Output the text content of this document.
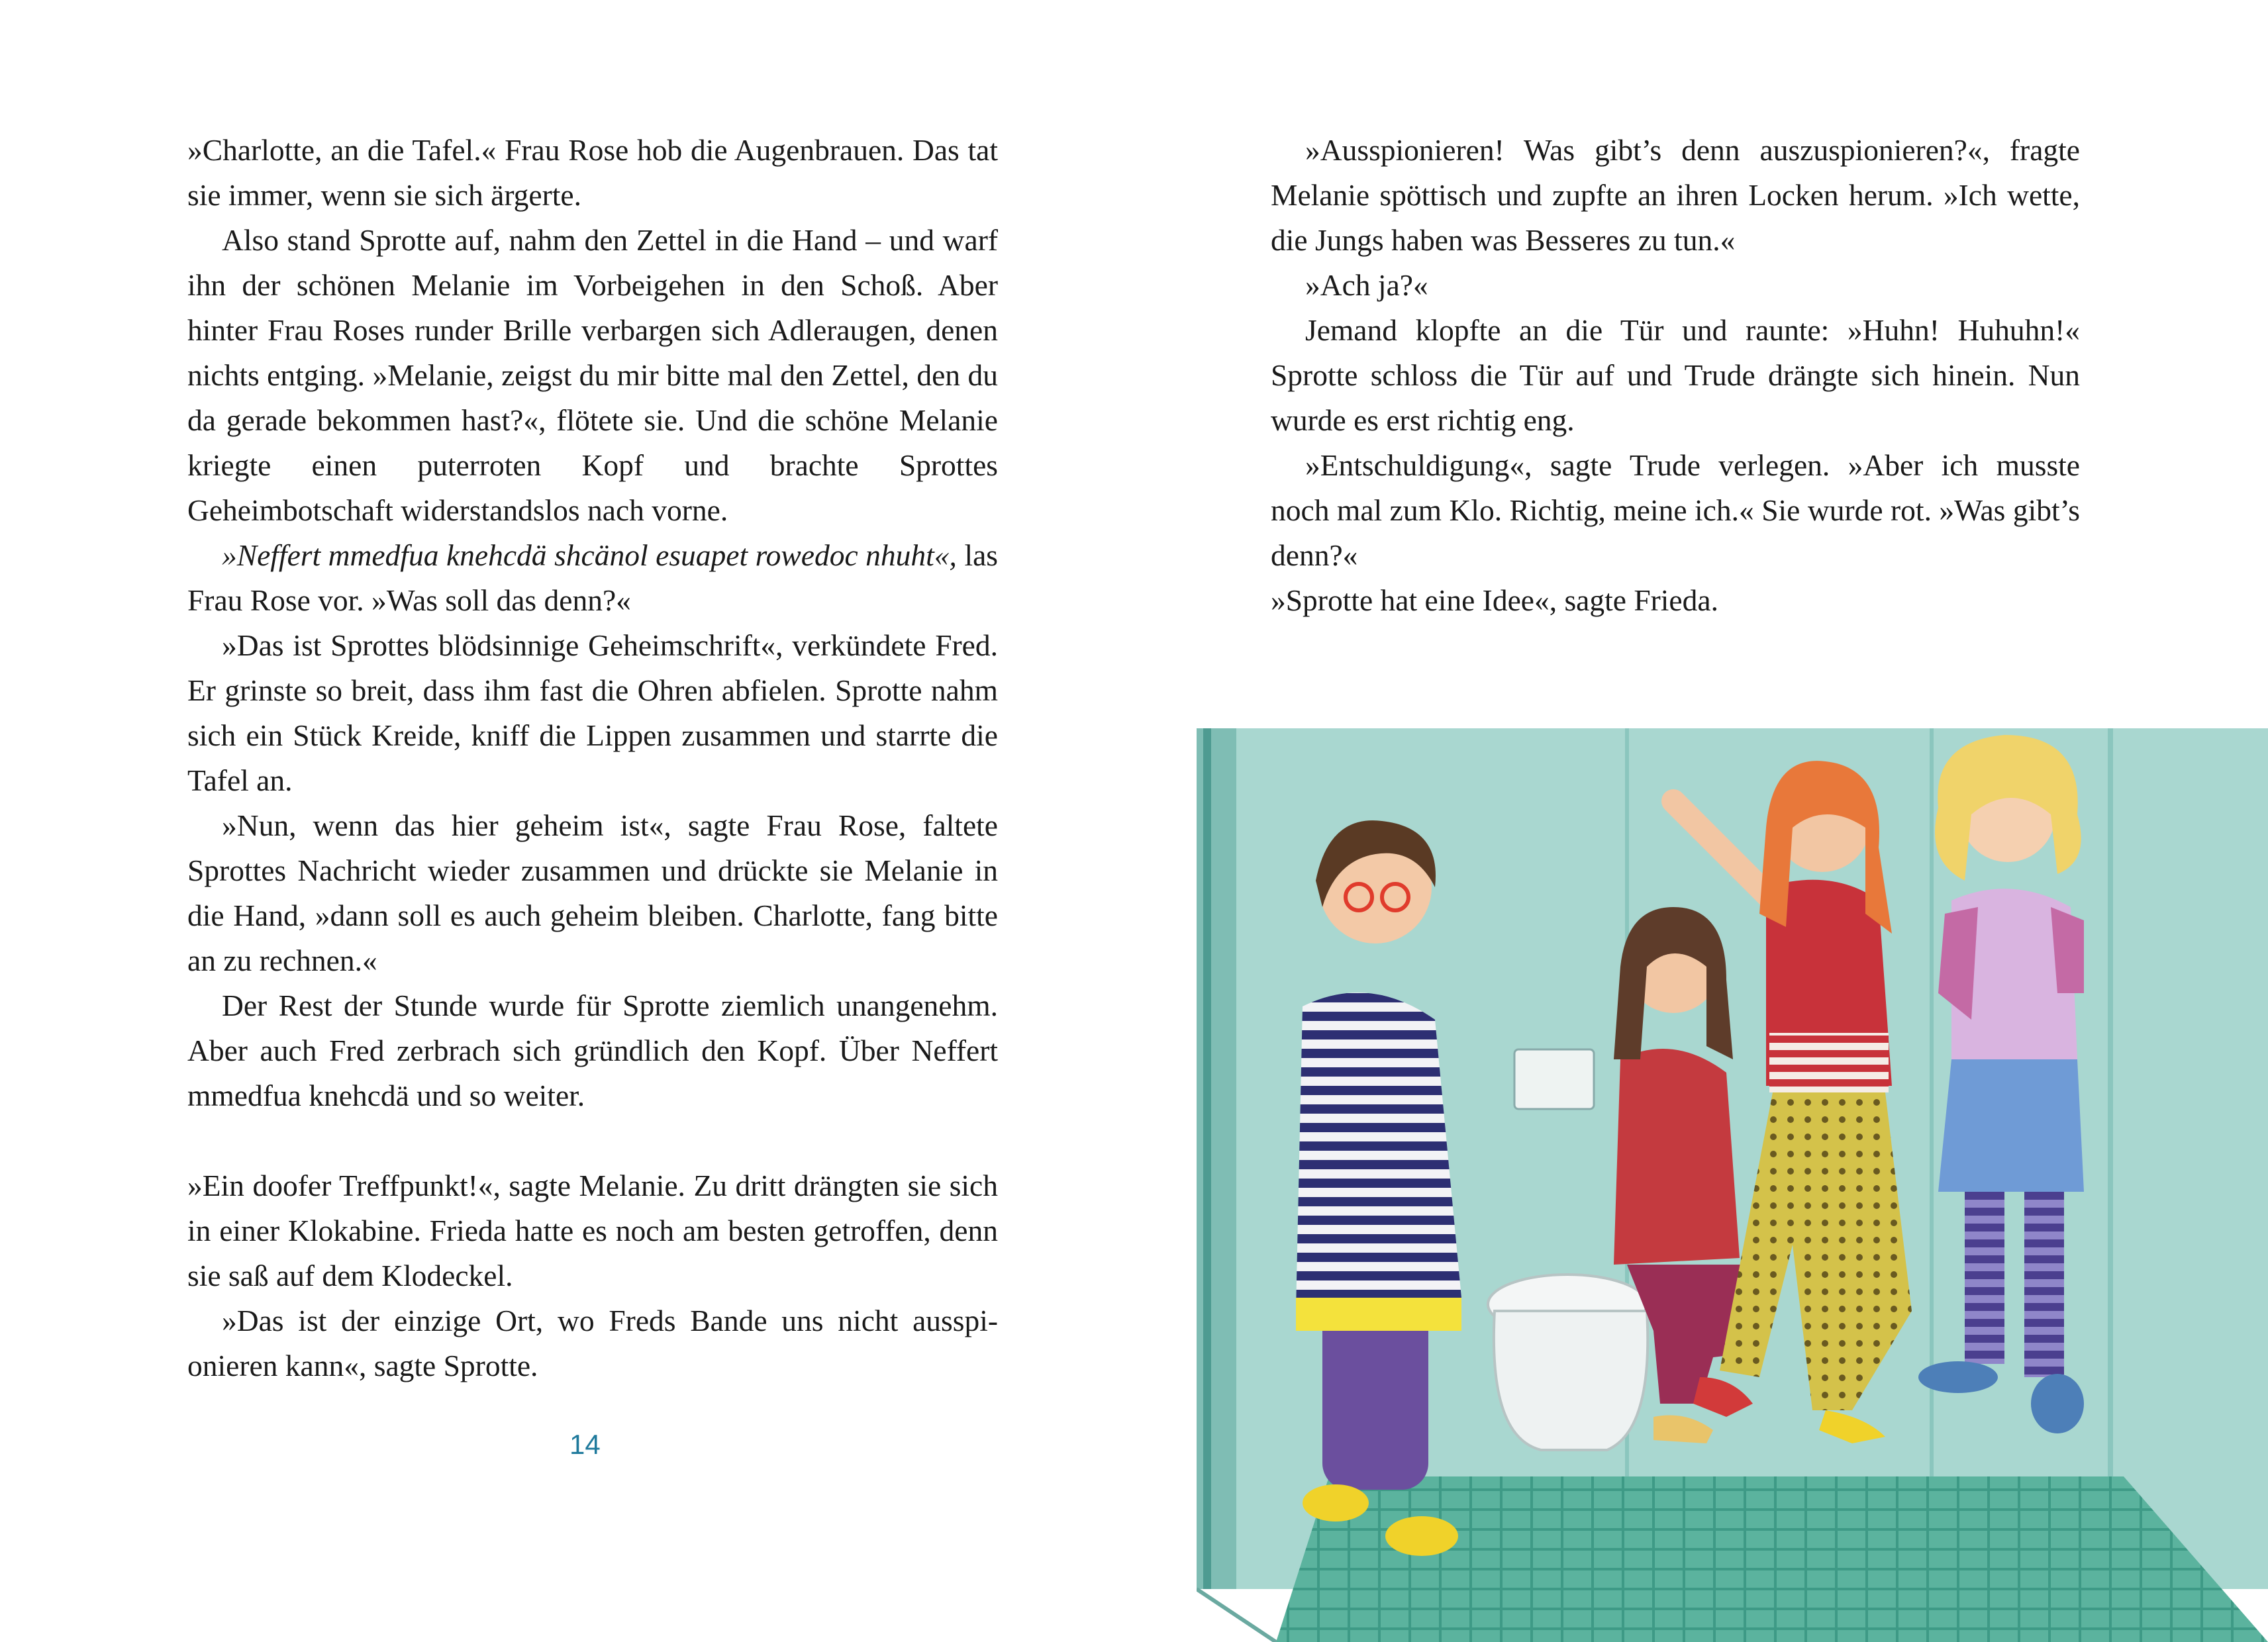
»Charlotte, an die Tafel.« Frau Rose hob die Augenbrauen. Das tat sie immer, wenn sie sich ärgerte.

Also stand Sprotte auf, nahm den Zettel in die Hand – und warf ihn der schönen Melanie im Vorbeigehen in den Schoß. Aber hinter Frau Roses runder Brille verbargen sich Adleraugen, denen nichts entging. »Melanie, zeigst du mir bitte mal den Zettel, den du da gerade bekommen hast?«, flötete sie. Und die schöne Melanie kriegte einen puterroten Kopf und brachte Sprottes Geheimbotschaft widerstandslos nach vorne.

»Neffert mmedfua knehcdä shcänol esuapet rowedoc nhuht«, las Frau Rose vor. »Was soll das denn?«

»Das ist Sprottes blödsinnige Geheimschrift«, verkündete Fred. Er grinste so breit, dass ihm fast die Ohren abfielen. Sprotte nahm sich ein Stück Kreide, kniff die Lippen zusammen und starrte die Tafel an.

»Nun, wenn das hier geheim ist«, sagte Frau Rose, faltete Sprottes Nachricht wieder zusammen und drückte sie Melanie in die Hand, »dann soll es auch geheim bleiben. Charlotte, fang bitte an zu rechnen.«

Der Rest der Stunde wurde für Sprotte ziemlich unangenehm. Aber auch Fred zerbrach sich gründlich den Kopf. Über Neffert mmedfua knehcdä und so weiter.

»Ein doofer Treffpunkt!«, sagte Melanie. Zu dritt drängten sie sich in einer Klokabine. Frieda hatte es noch am besten getroffen, denn sie saß auf dem Klodeckel.

»Das ist der einzige Ort, wo Freds Bande uns nicht ausspionieren kann«, sagte Sprotte.

14

»Ausspionieren! Was gibt’s denn auszuspionieren?«, fragte Melanie spöttisch und zupfte an ihren Locken herum. »Ich wette, die Jungs haben was Besseres zu tun.«

»Ach ja?«

Jemand klopfte an die Tür und raunte: »Huhn! Huhuhn!« Sprotte schloss die Tür auf und Trude drängte sich hinein. Nun wurde es erst richtig eng.

»Entschuldigung«, sagte Trude verlegen. »Aber ich musste noch mal zum Klo. Richtig, meine ich.« Sie wurde rot. »Was gibt’s denn?«

»Sprotte hat eine Idee«, sagte Frieda.
